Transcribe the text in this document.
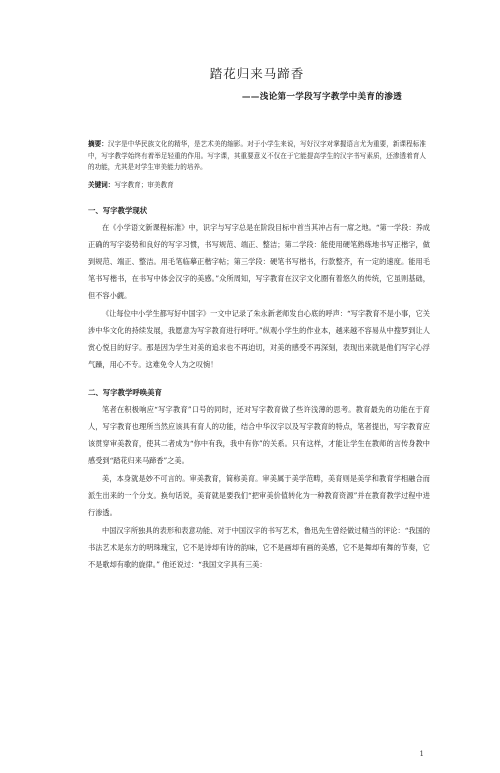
踏花归来马蹄香
——浅论第一学段写字教学中美育的渗透
摘要：汉字是中华民族文化的精华，是艺术美的缩影。对于小学生来说，写好汉字对掌握语言尤为重要，新课程标准中，写字教学始终有着举足轻重的作用。写字课，其重要意义不仅在于它能提高学生的汉字书写素质，还渗透着育人的功能，尤其是对学生审美能力的培养。
关键词：写字教育；审美教育
一、写字教学现状

在《小学语文新课程标准》中，识字与写字总是在阶段目标中首当其冲占有一席之地。“第一学段：养成正确的写字姿势和良好的写字习惯，书写规范、端正、整洁；第二学段：能使用硬笔熟练地书写正楷字，做到规范、端正、整洁。用毛笔临摹正楷字帖；第三学段：硬笔书写楷书，行款整齐，有一定的速度。能用毛笔书写楷书，在书写中体会汉字的美感。”众所周知，写字教育在汉字文化圈有着悠久的传统，它虽则基础，但不容小觑。

《让每位中小学生都写好中国字》一文中记录了朱永新老师发自心底的呼声：“写字教育不是小事，它关涉中华文化的持续发展，我愿意为写字教育进行呼吁。”纵观小学生的作业本，越来越不容易从中搜罗到让人赏心悦目的好字。那是因为学生对美的追求也不再迫切，对美的感受不再深刻，表现出来就是他们写字心浮气躁，用心不专。这难免令人为之叹惋！

二、写字教学呼唤美育

笔者在积极响应“写字教育”口号的同时，还对写字教育做了些许浅薄的思考。教育最先的功能在于育人，写字教育也理所当然应该具有育人的功能，结合中华汉字以及写字教育的特点，笔者提出，写字教育应该贯穿审美教育，使其二者成为“你中有我，我中有你”的关系。只有这样，才能让学生在教师的言传身教中感受到“踏花归来马蹄香”之美。

美，本身就是妙不可言的。审美教育，简称美育。审美属于美学范畴，美育则是美学和教育学相融合而派生出来的一个分支。换句话说，美育就是要我们“把审美价值转化为一种教育资源”并在教育教学过程中进行渗透。

中国汉字所独具的表形和表意功能、对于中国汉字的书写艺术，鲁迅先生曾经做过精当的评论：“我国的书法艺术是东方的明珠瑰宝，它不是诗却有诗的韵味，它不是画却有画的美感，它不是舞却有舞的节奏，它不是歌却有歌的旋律。” 他还说过：“我国文字具有三美：

1
